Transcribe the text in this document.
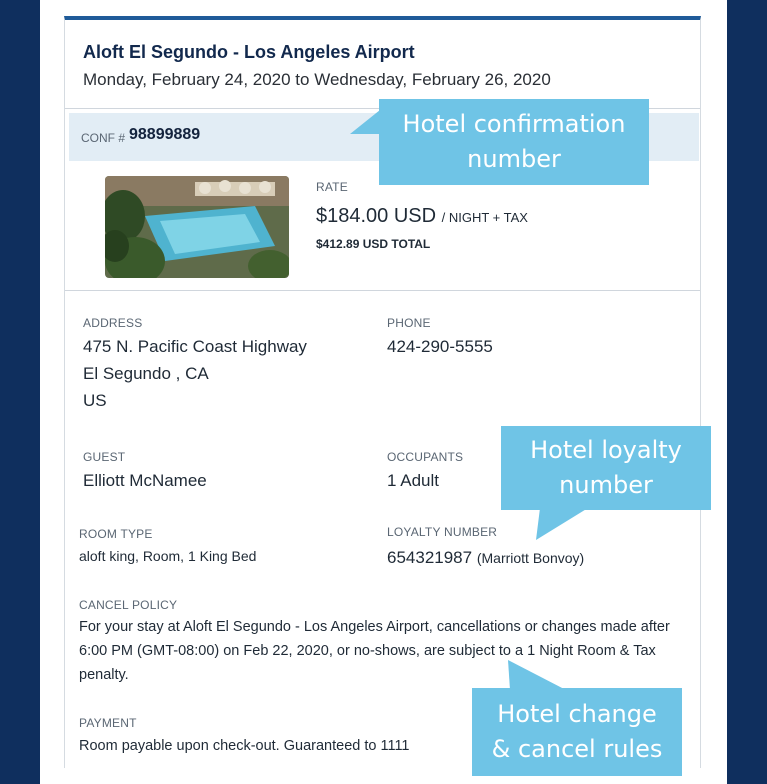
Aloft El Segundo - Los Angeles Airport
Monday, February 24, 2020 to Wednesday, February 26, 2020
CONF # 98899889
RATE
$184.00 USD / NIGHT + TAX
$412.89 USD TOTAL
ADDRESS
475 N. Pacific Coast Highway
El Segundo , CA
US
PHONE
424-290-5555
GUEST
Elliott McNamee
OCCUPANTS
1 Adult
ROOM TYPE
aloft king, Room, 1 King Bed
LOYALTY NUMBER
654321987 (Marriott Bonvoy)
CANCEL POLICY
For your stay at Aloft El Segundo - Los Angeles Airport, cancellations or changes made after 6:00 PM (GMT-08:00) on Feb 22, 2020, or no-shows, are subject to a 1 Night Room & Tax penalty.
PAYMENT
Room payable upon check-out. Guaranteed to 1111
Hotel confirmation number
Hotel loyalty number
Hotel change & cancel rules
